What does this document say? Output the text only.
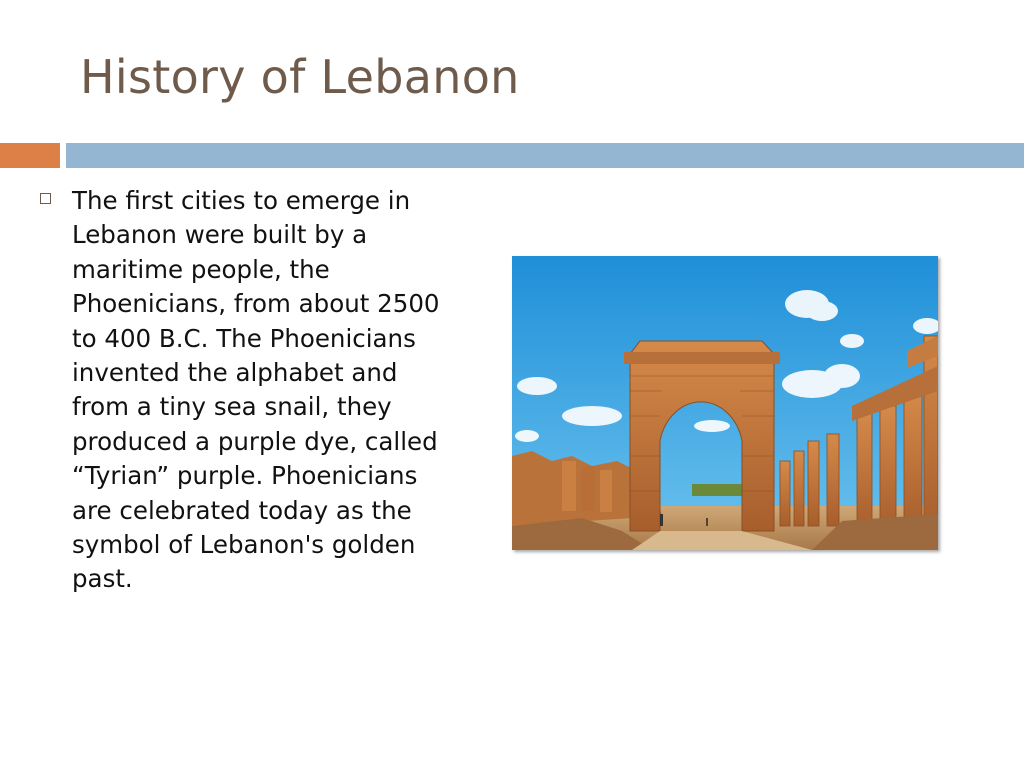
History of Lebanon

The first cities to emerge in Lebanon were built by a maritime people, the Phoenicians, from about 2500 to 400 B.C. The Phoenicians invented the alphabet and from a tiny sea snail, they produced a purple dye, called “Tyrian” purple. Phoenicians are celebrated today as the symbol of Lebanon's golden past.
